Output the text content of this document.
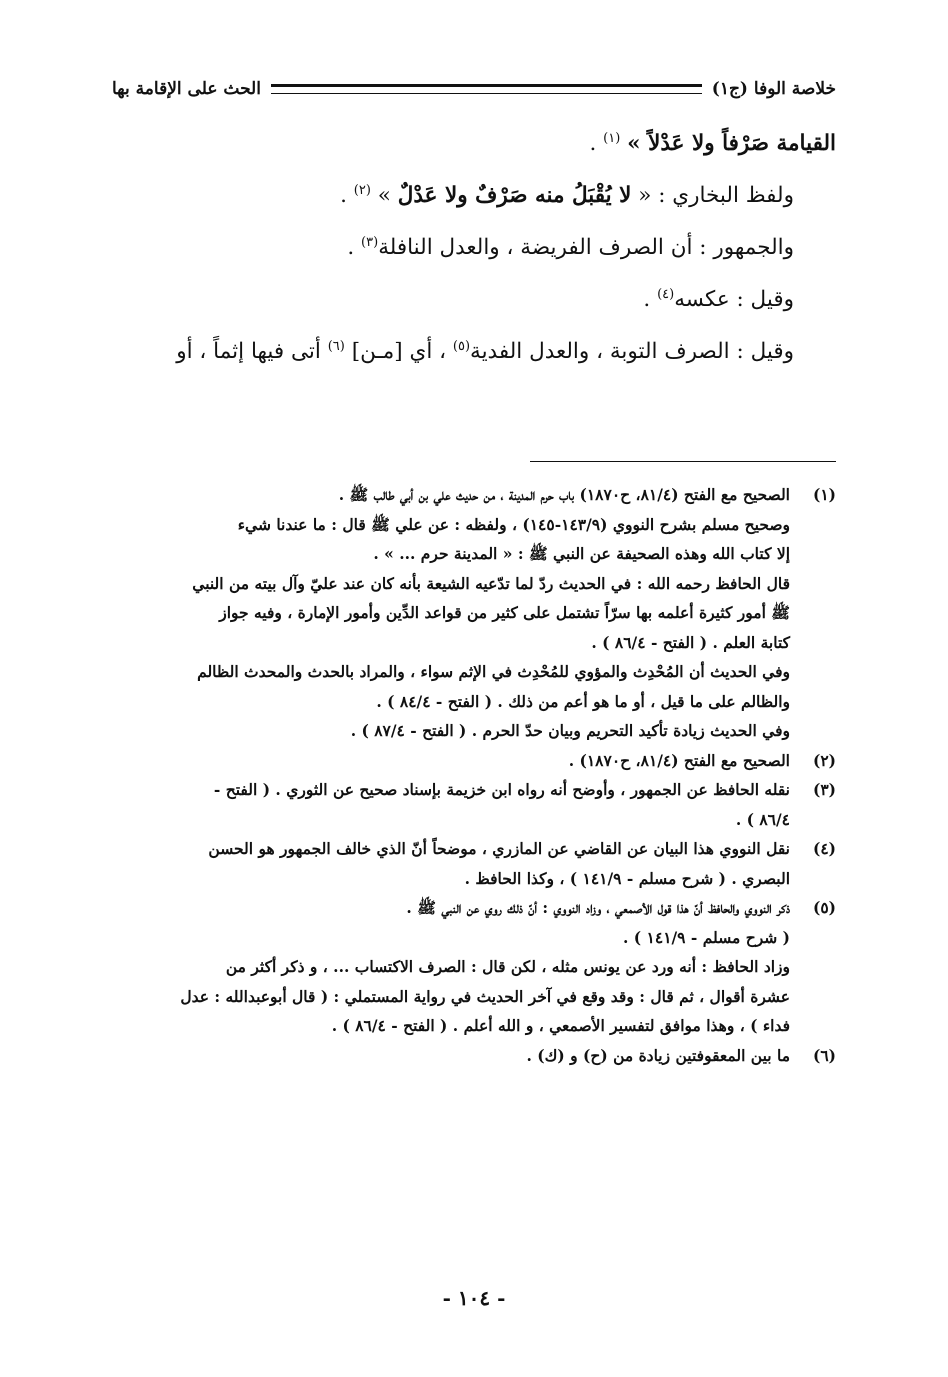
خلاصة الوفا (ج١)
الحث على الإقامة بها

القيامة صَرْفاً ولا عَدْلاً » $^{(١)}$ .

ولفظ البخاري : « لا يُقْبَلُ منه صَرْفٌ ولا عَدْلٌ » $^{(٢)}$ .

والجمهور : أن الصرف الفريضة ، والعدل النافلة$^{(٣)}$ .

وقيل : عكسه$^{(٤)}$ .

وقيل : الصرف التوبة ، والعدل الفدية$^{(٥)}$ ، أي [مـن] $^{(٦)}$ أتى فيها إثماً ، أو

(١)
الصحيح مع الفتح (٨١/٤، ح١٨٧٠) باب حرم المدينة ، من حديث علي بن أبي طالب ﷺ .
وصحيح مسلم بشرح النووي (١٤٣/٩-١٤٥) ، ولفظه : عن علي ﷺ قال : ما عندنا شيء
إلا كتاب الله وهذه الصحيفة عن النبي ﷺ : « المدينة حرم ... » .
قال الحافظ رحمه الله : في الحديث ردّ لما تدّعيه الشيعة بأنه كان عند عليّ وآل بيته من النبي
ﷺ أمور كثيرة أعلمه بها سرّاً تشتمل على كثير من قواعد الدِّين وأمور الإمارة ، وفيه جواز
كتابة العلم . ( الفتح - ٨٦/٤ ) .
وفي الحديث أن المُحْدِث والمؤوي للمُحْدِث في الإثم سواء ، والمراد بالحدث والمحدث الظالم
والظالم على ما قيل ، أو ما هو أعم من ذلك . ( الفتح - ٨٤/٤ ) .
وفي الحديث زيادة تأكيد التحريم وبيان حدّ الحرم . ( الفتح - ٨٧/٤ ) .
(٢)
الصحيح مع الفتح (٨١/٤، ح١٨٧٠) .
(٣)
نقله الحافظ عن الجمهور ، وأوضح أنه رواه ابن خزيمة بإسناد صحيح عن الثوري . ( الفتح -
٨٦/٤ ) .
(٤)
نقل النووي هذا البيان عن القاضي عن المازري ، موضحاً أنّ الذي خالف الجمهور هو الحسن
البصري . ( شرح مسلم - ١٤١/٩ ) ، وكذا الحافظ .
(٥)
ذكر النووي والحافظ أنّ هذا قول الأصمعي ، وزاد النووي : أنّ ذلك روي عن النبي ﷺ .
( شرح مسلم - ١٤١/٩ ) .
وزاد الحافظ : أنه ورد عن يونس مثله ، لكن قال : الصرف الاكتساب ... ، و ذكر أكثر من
عشرة أقوال ، ثم قال : وقد وقع في آخر الحديث في رواية المستملي : ( قال أبوعبدالله : عدل
فداء ) ، وهذا موافق لتفسير الأصمعي ، و الله أعلم . ( الفتح - ٨٦/٤ ) .
(٦)
ما بين المعقوفتين زيادة من (ح) و (ك) .
- ١٠٤ -
